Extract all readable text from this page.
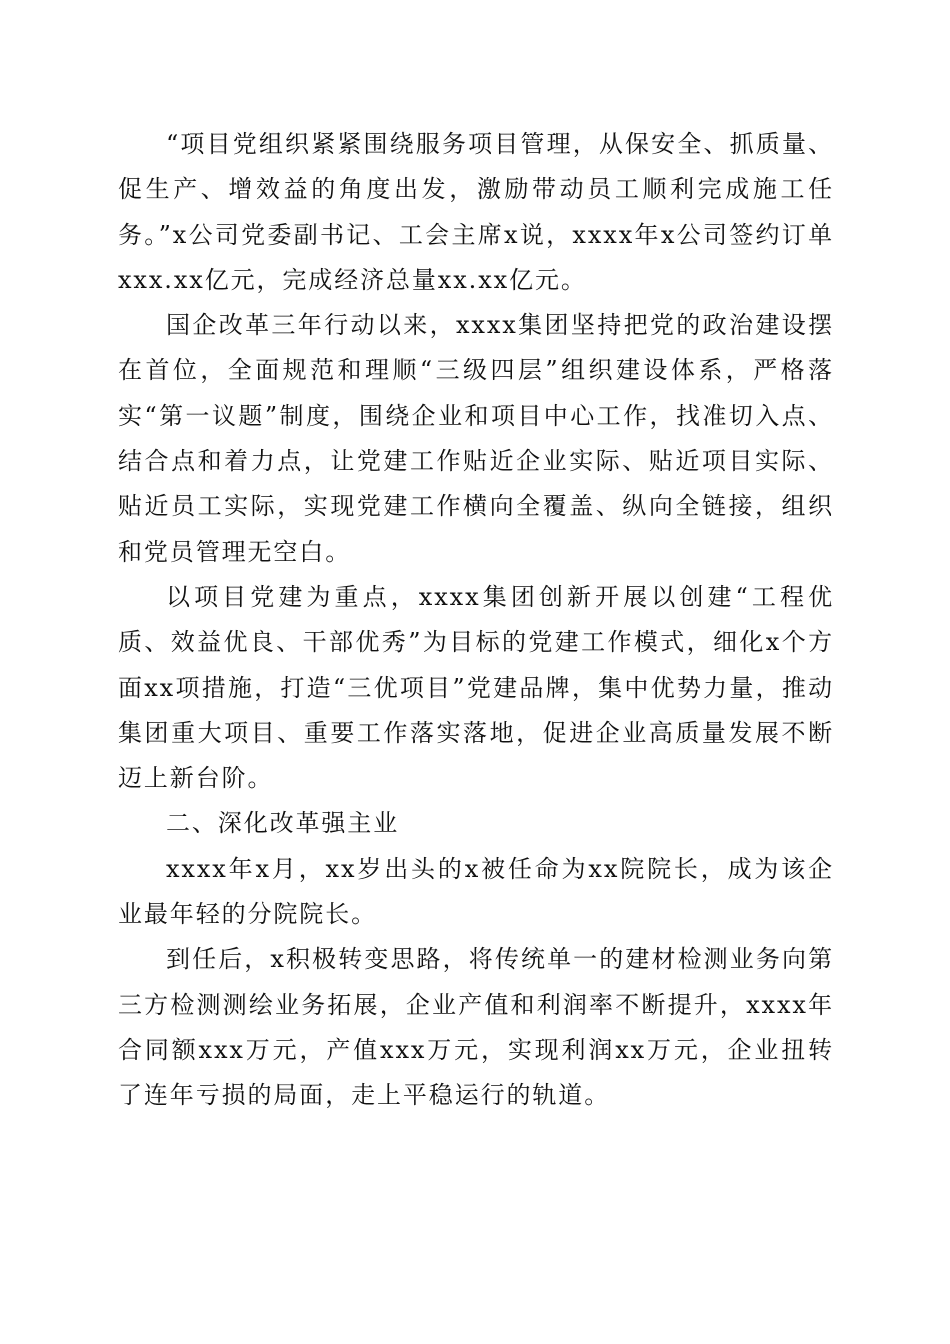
“项目党组织紧紧围绕服务项目管理，从保安全、抓质量、促生产、增效益的角度出发，激励带动员工顺利完成施工任务。”x公司党委副书记、工会主席x说，xxxx年x公司签约订单xxx.xx亿元，完成经济总量xx.xx亿元。

国企改革三年行动以来，xxxx集团坚持把党的政治建设摆在首位，全面规范和理顺“三级四层”组织建设体系，严格落实“第一议题”制度，围绕企业和项目中心工作，找准切入点、结合点和着力点，让党建工作贴近企业实际、贴近项目实际、贴近员工实际，实现党建工作横向全覆盖、纵向全链接，组织和党员管理无空白。

以项目党建为重点，xxxx集团创新开展以创建“工程优质、效益优良、干部优秀”为目标的党建工作模式，细化x个方面xx项措施，打造“三优项目”党建品牌，集中优势力量，推动集团重大项目、重要工作落实落地，促进企业高质量发展不断迈上新台阶。

二、深化改革强主业

xxxx年x月，xx岁出头的x被任命为xx院院长，成为该企业最年轻的分院院长。

到任后，x积极转变思路，将传统单一的建材检测业务向第三方检测测绘业务拓展，企业产值和利润率不断提升，xxxx年合同额xxx万元，产值xxx万元，实现利润xx万元，企业扭转了连年亏损的局面，走上平稳运行的轨道。
